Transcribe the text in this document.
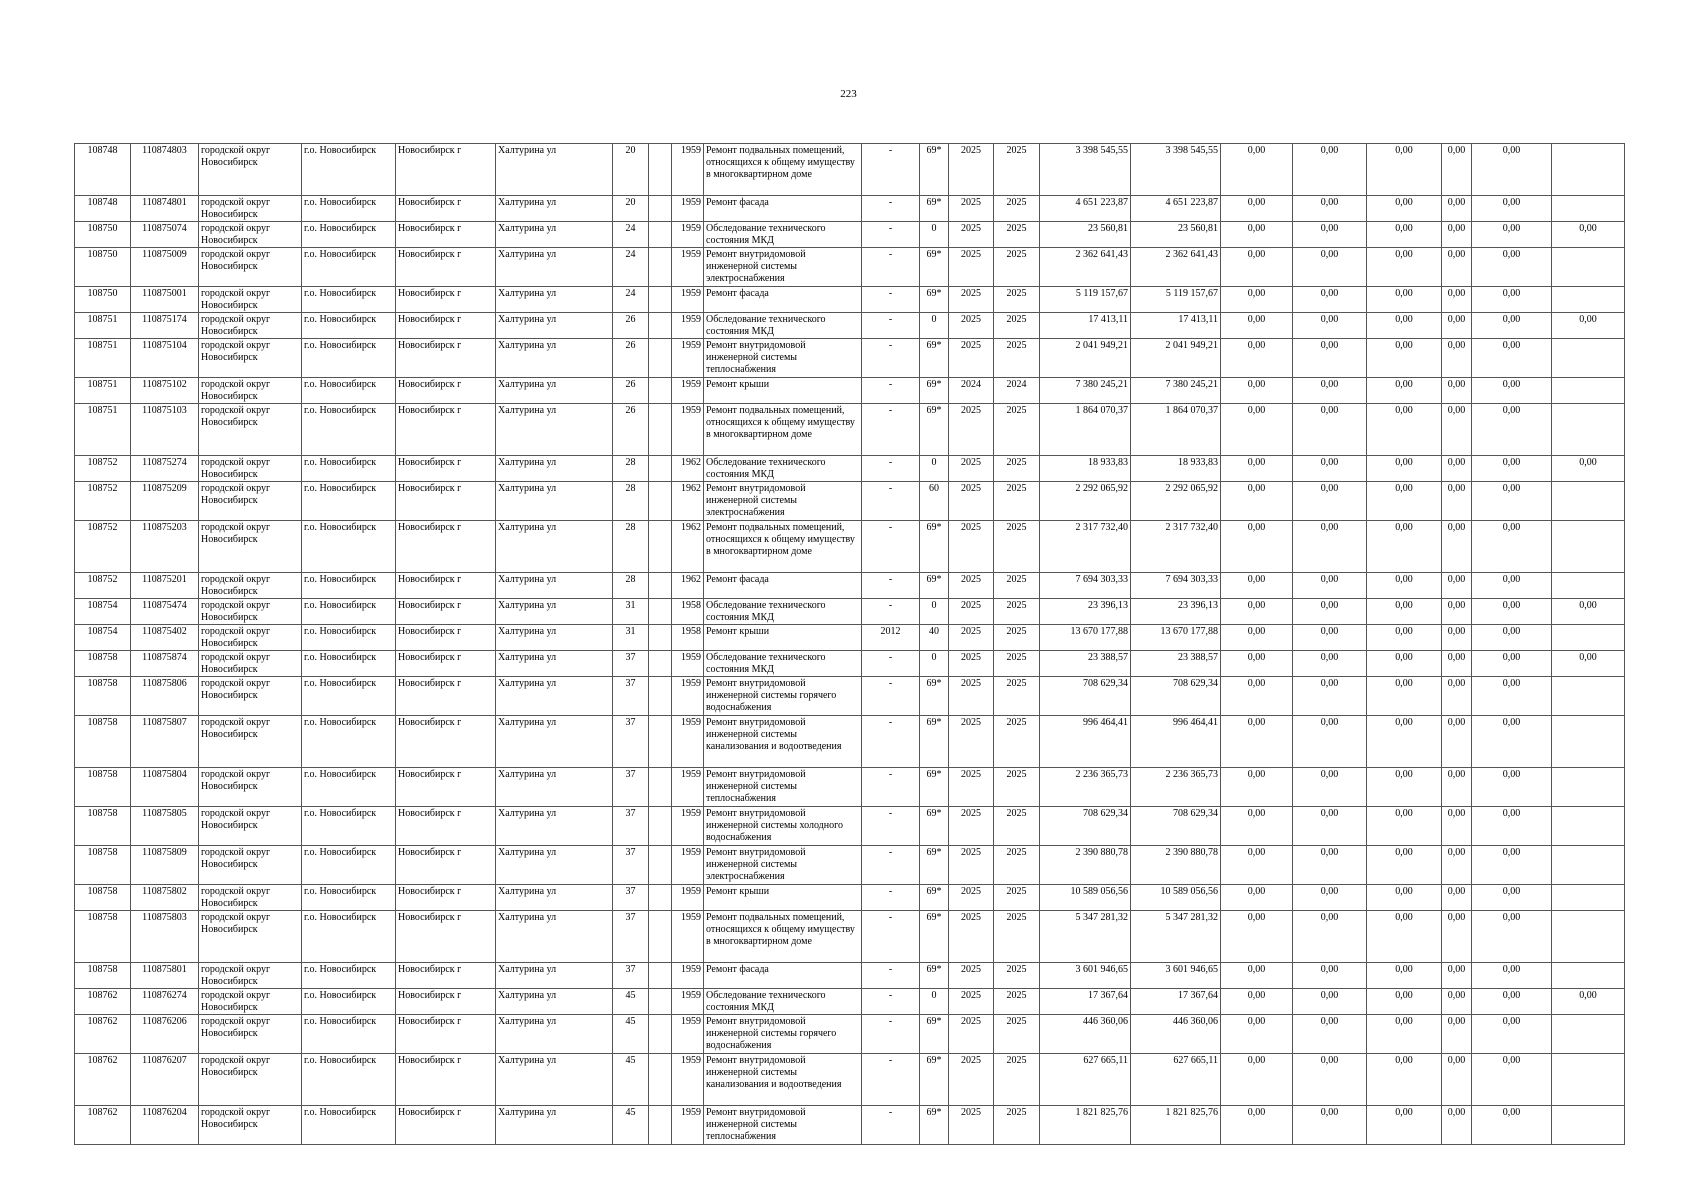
223
108748	110874803	городской округ Новосибирск	г.о. Новосибирск	Новосибирск г	Халтурина ул	20		1959	Ремонт подвальных помещений, относящихся к общему имуществу в многоквартирном доме	-	69*	2025	2025	3 398 545,55	3 398 545,55	0,00	0,00	0,00	0,00	0,00	
108748	110874801	городской округ Новосибирск	г.о. Новосибирск	Новосибирск г	Халтурина ул	20		1959	Ремонт фасада	-	69*	2025	2025	4 651 223,87	4 651 223,87	0,00	0,00	0,00	0,00	0,00	
108750	110875074	городской округ Новосибирск	г.о. Новосибирск	Новосибирск г	Халтурина ул	24		1959	Обследование технического состояния МКД	-	0	2025	2025	23 560,81	23 560,81	0,00	0,00	0,00	0,00	0,00	0,00
108750	110875009	городской округ Новосибирск	г.о. Новосибирск	Новосибирск г	Халтурина ул	24		1959	Ремонт внутридомовой инженерной системы электроснабжения	-	69*	2025	2025	2 362 641,43	2 362 641,43	0,00	0,00	0,00	0,00	0,00	
108750	110875001	городской округ Новосибирск	г.о. Новосибирск	Новосибирск г	Халтурина ул	24		1959	Ремонт фасада	-	69*	2025	2025	5 119 157,67	5 119 157,67	0,00	0,00	0,00	0,00	0,00	
108751	110875174	городской округ Новосибирск	г.о. Новосибирск	Новосибирск г	Халтурина ул	26		1959	Обследование технического состояния МКД	-	0	2025	2025	17 413,11	17 413,11	0,00	0,00	0,00	0,00	0,00	0,00
108751	110875104	городской округ Новосибирск	г.о. Новосибирск	Новосибирск г	Халтурина ул	26		1959	Ремонт внутридомовой инженерной системы теплоснабжения	-	69*	2025	2025	2 041 949,21	2 041 949,21	0,00	0,00	0,00	0,00	0,00	
108751	110875102	городской округ Новосибирск	г.о. Новосибирск	Новосибирск г	Халтурина ул	26		1959	Ремонт крыши	-	69*	2024	2024	7 380 245,21	7 380 245,21	0,00	0,00	0,00	0,00	0,00	
108751	110875103	городской округ Новосибирск	г.о. Новосибирск	Новосибирск г	Халтурина ул	26		1959	Ремонт подвальных помещений, относящихся к общему имуществу в многоквартирном доме	-	69*	2025	2025	1 864 070,37	1 864 070,37	0,00	0,00	0,00	0,00	0,00	
108752	110875274	городской округ Новосибирск	г.о. Новосибирск	Новосибирск г	Халтурина ул	28		1962	Обследование технического состояния МКД	-	0	2025	2025	18 933,83	18 933,83	0,00	0,00	0,00	0,00	0,00	0,00
108752	110875209	городской округ Новосибирск	г.о. Новосибирск	Новосибирск г	Халтурина ул	28		1962	Ремонт внутридомовой инженерной системы электроснабжения	-	60	2025	2025	2 292 065,92	2 292 065,92	0,00	0,00	0,00	0,00	0,00	
108752	110875203	городской округ Новосибирск	г.о. Новосибирск	Новосибирск г	Халтурина ул	28		1962	Ремонт подвальных помещений, относящихся к общему имуществу в многоквартирном доме	-	69*	2025	2025	2 317 732,40	2 317 732,40	0,00	0,00	0,00	0,00	0,00	
108752	110875201	городской округ Новосибирск	г.о. Новосибирск	Новосибирск г	Халтурина ул	28		1962	Ремонт фасада	-	69*	2025	2025	7 694 303,33	7 694 303,33	0,00	0,00	0,00	0,00	0,00	
108754	110875474	городской округ Новосибирск	г.о. Новосибирск	Новосибирск г	Халтурина ул	31		1958	Обследование технического состояния МКД	-	0	2025	2025	23 396,13	23 396,13	0,00	0,00	0,00	0,00	0,00	0,00
108754	110875402	городской округ Новосибирск	г.о. Новосибирск	Новосибирск г	Халтурина ул	31		1958	Ремонт крыши	2012	40	2025	2025	13 670 177,88	13 670 177,88	0,00	0,00	0,00	0,00	0,00	
108758	110875874	городской округ Новосибирск	г.о. Новосибирск	Новосибирск г	Халтурина ул	37		1959	Обследование технического состояния МКД	-	0	2025	2025	23 388,57	23 388,57	0,00	0,00	0,00	0,00	0,00	0,00
108758	110875806	городской округ Новосибирск	г.о. Новосибирск	Новосибирск г	Халтурина ул	37		1959	Ремонт внутридомовой инженерной системы горячего водоснабжения	-	69*	2025	2025	708 629,34	708 629,34	0,00	0,00	0,00	0,00	0,00	
108758	110875807	городской округ Новосибирск	г.о. Новосибирск	Новосибирск г	Халтурина ул	37		1959	Ремонт внутридомовой инженерной системы канализования и водоотведения	-	69*	2025	2025	996 464,41	996 464,41	0,00	0,00	0,00	0,00	0,00	
108758	110875804	городской округ Новосибирск	г.о. Новосибирск	Новосибирск г	Халтурина ул	37		1959	Ремонт внутридомовой инженерной системы теплоснабжения	-	69*	2025	2025	2 236 365,73	2 236 365,73	0,00	0,00	0,00	0,00	0,00	
108758	110875805	городской округ Новосибирск	г.о. Новосибирск	Новосибирск г	Халтурина ул	37		1959	Ремонт внутридомовой инженерной системы холодного водоснабжения	-	69*	2025	2025	708 629,34	708 629,34	0,00	0,00	0,00	0,00	0,00	
108758	110875809	городской округ Новосибирск	г.о. Новосибирск	Новосибирск г	Халтурина ул	37		1959	Ремонт внутридомовой инженерной системы электроснабжения	-	69*	2025	2025	2 390 880,78	2 390 880,78	0,00	0,00	0,00	0,00	0,00	
108758	110875802	городской округ Новосибирск	г.о. Новосибирск	Новосибирск г	Халтурина ул	37		1959	Ремонт крыши	-	69*	2025	2025	10 589 056,56	10 589 056,56	0,00	0,00	0,00	0,00	0,00	
108758	110875803	городской округ Новосибирск	г.о. Новосибирск	Новосибирск г	Халтурина ул	37		1959	Ремонт подвальных помещений, относящихся к общему имуществу в многоквартирном доме	-	69*	2025	2025	5 347 281,32	5 347 281,32	0,00	0,00	0,00	0,00	0,00	
108758	110875801	городской округ Новосибирск	г.о. Новосибирск	Новосибирск г	Халтурина ул	37		1959	Ремонт фасада	-	69*	2025	2025	3 601 946,65	3 601 946,65	0,00	0,00	0,00	0,00	0,00	
108762	110876274	городской округ Новосибирск	г.о. Новосибирск	Новосибирск г	Халтурина ул	45		1959	Обследование технического состояния МКД	-	0	2025	2025	17 367,64	17 367,64	0,00	0,00	0,00	0,00	0,00	0,00
108762	110876206	городской округ Новосибирск	г.о. Новосибирск	Новосибирск г	Халтурина ул	45		1959	Ремонт внутридомовой инженерной системы горячего водоснабжения	-	69*	2025	2025	446 360,06	446 360,06	0,00	0,00	0,00	0,00	0,00	
108762	110876207	городской округ Новосибирск	г.о. Новосибирск	Новосибирск г	Халтурина ул	45		1959	Ремонт внутридомовой инженерной системы канализования и водоотведения	-	69*	2025	2025	627 665,11	627 665,11	0,00	0,00	0,00	0,00	0,00	
108762	110876204	городской округ Новосибирск	г.о. Новосибирск	Новосибирск г	Халтурина ул	45		1959	Ремонт внутридомовой инженерной системы теплоснабжения	-	69*	2025	2025	1 821 825,76	1 821 825,76	0,00	0,00	0,00	0,00	0,00	
